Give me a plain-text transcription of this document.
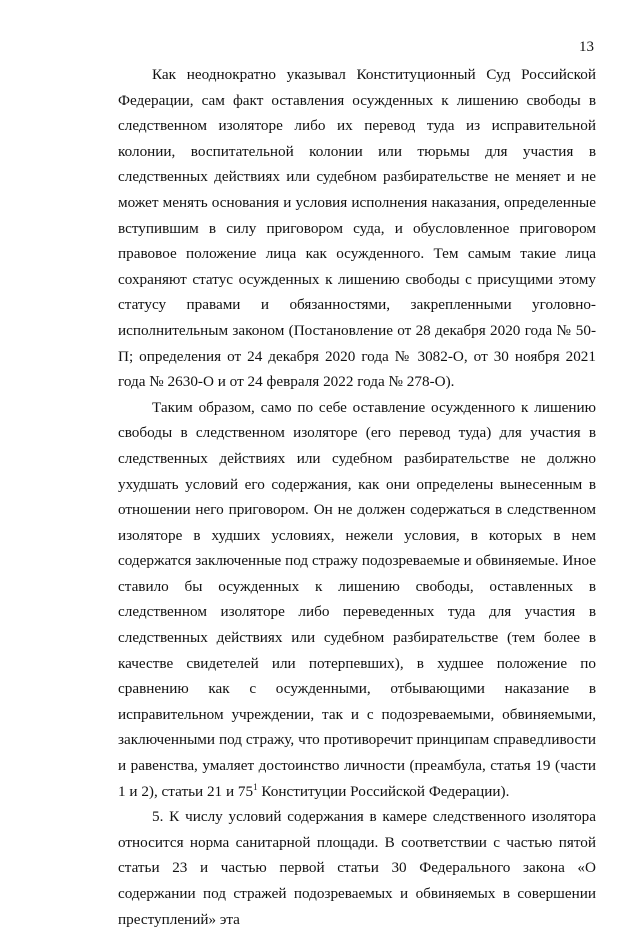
13

Как неоднократно указывал Конституционный Суд Российской Федерации, сам факт оставления осужденных к лишению свободы в следственном изоляторе либо их перевод туда из исправительной колонии, воспитательной колонии или тюрьмы для участия в следственных действиях или судебном разбирательстве не меняет и не может менять основания и условия исполнения наказания, определенные вступившим в силу приговором суда, и обусловленное приговором правовое положение лица как осужденного. Тем самым такие лица сохраняют статус осужденных к лишению свободы с присущими этому статусу правами и обязанностями, закрепленными уголовно-исполнительным законом (Постановление от 28 декабря 2020 года № 50-П; определения от 24 декабря 2020 года № 3082-О, от 30 ноября 2021 года № 2630-О и от 24 февраля 2022 года № 278-О).

Таким образом, само по себе оставление осужденного к лишению свободы в следственном изоляторе (его перевод туда) для участия в следственных действиях или судебном разбирательстве не должно ухудшать условий его содержания, как они определены вынесенным в отношении него приговором. Он не должен содержаться в следственном изоляторе в худших условиях, нежели условия, в которых в нем содержатся заключенные под стражу подозреваемые и обвиняемые. Иное ставило бы осужденных к лишению свободы, оставленных в следственном изоляторе либо переведенных туда для участия в следственных действиях или судебном разбирательстве (тем более в качестве свидетелей или потерпевших), в худшее положение по сравнению как с осужденными, отбывающими наказание в исправительном учреждении, так и с подозреваемыми, обвиняемыми, заключенными под стражу, что противоречит принципам справедливости и равенства, умаляет достоинство личности (преамбула, статья 19 (части 1 и 2), статьи 21 и $75^1$ Конституции Российской Федерации).

5. К числу условий содержания в камере следственного изолятора относится норма санитарной площади. В соответствии с частью пятой статьи 23 и частью первой статьи 30 Федерального закона «О содержании под стражей подозреваемых и обвиняемых в совершении преступлений» эта
